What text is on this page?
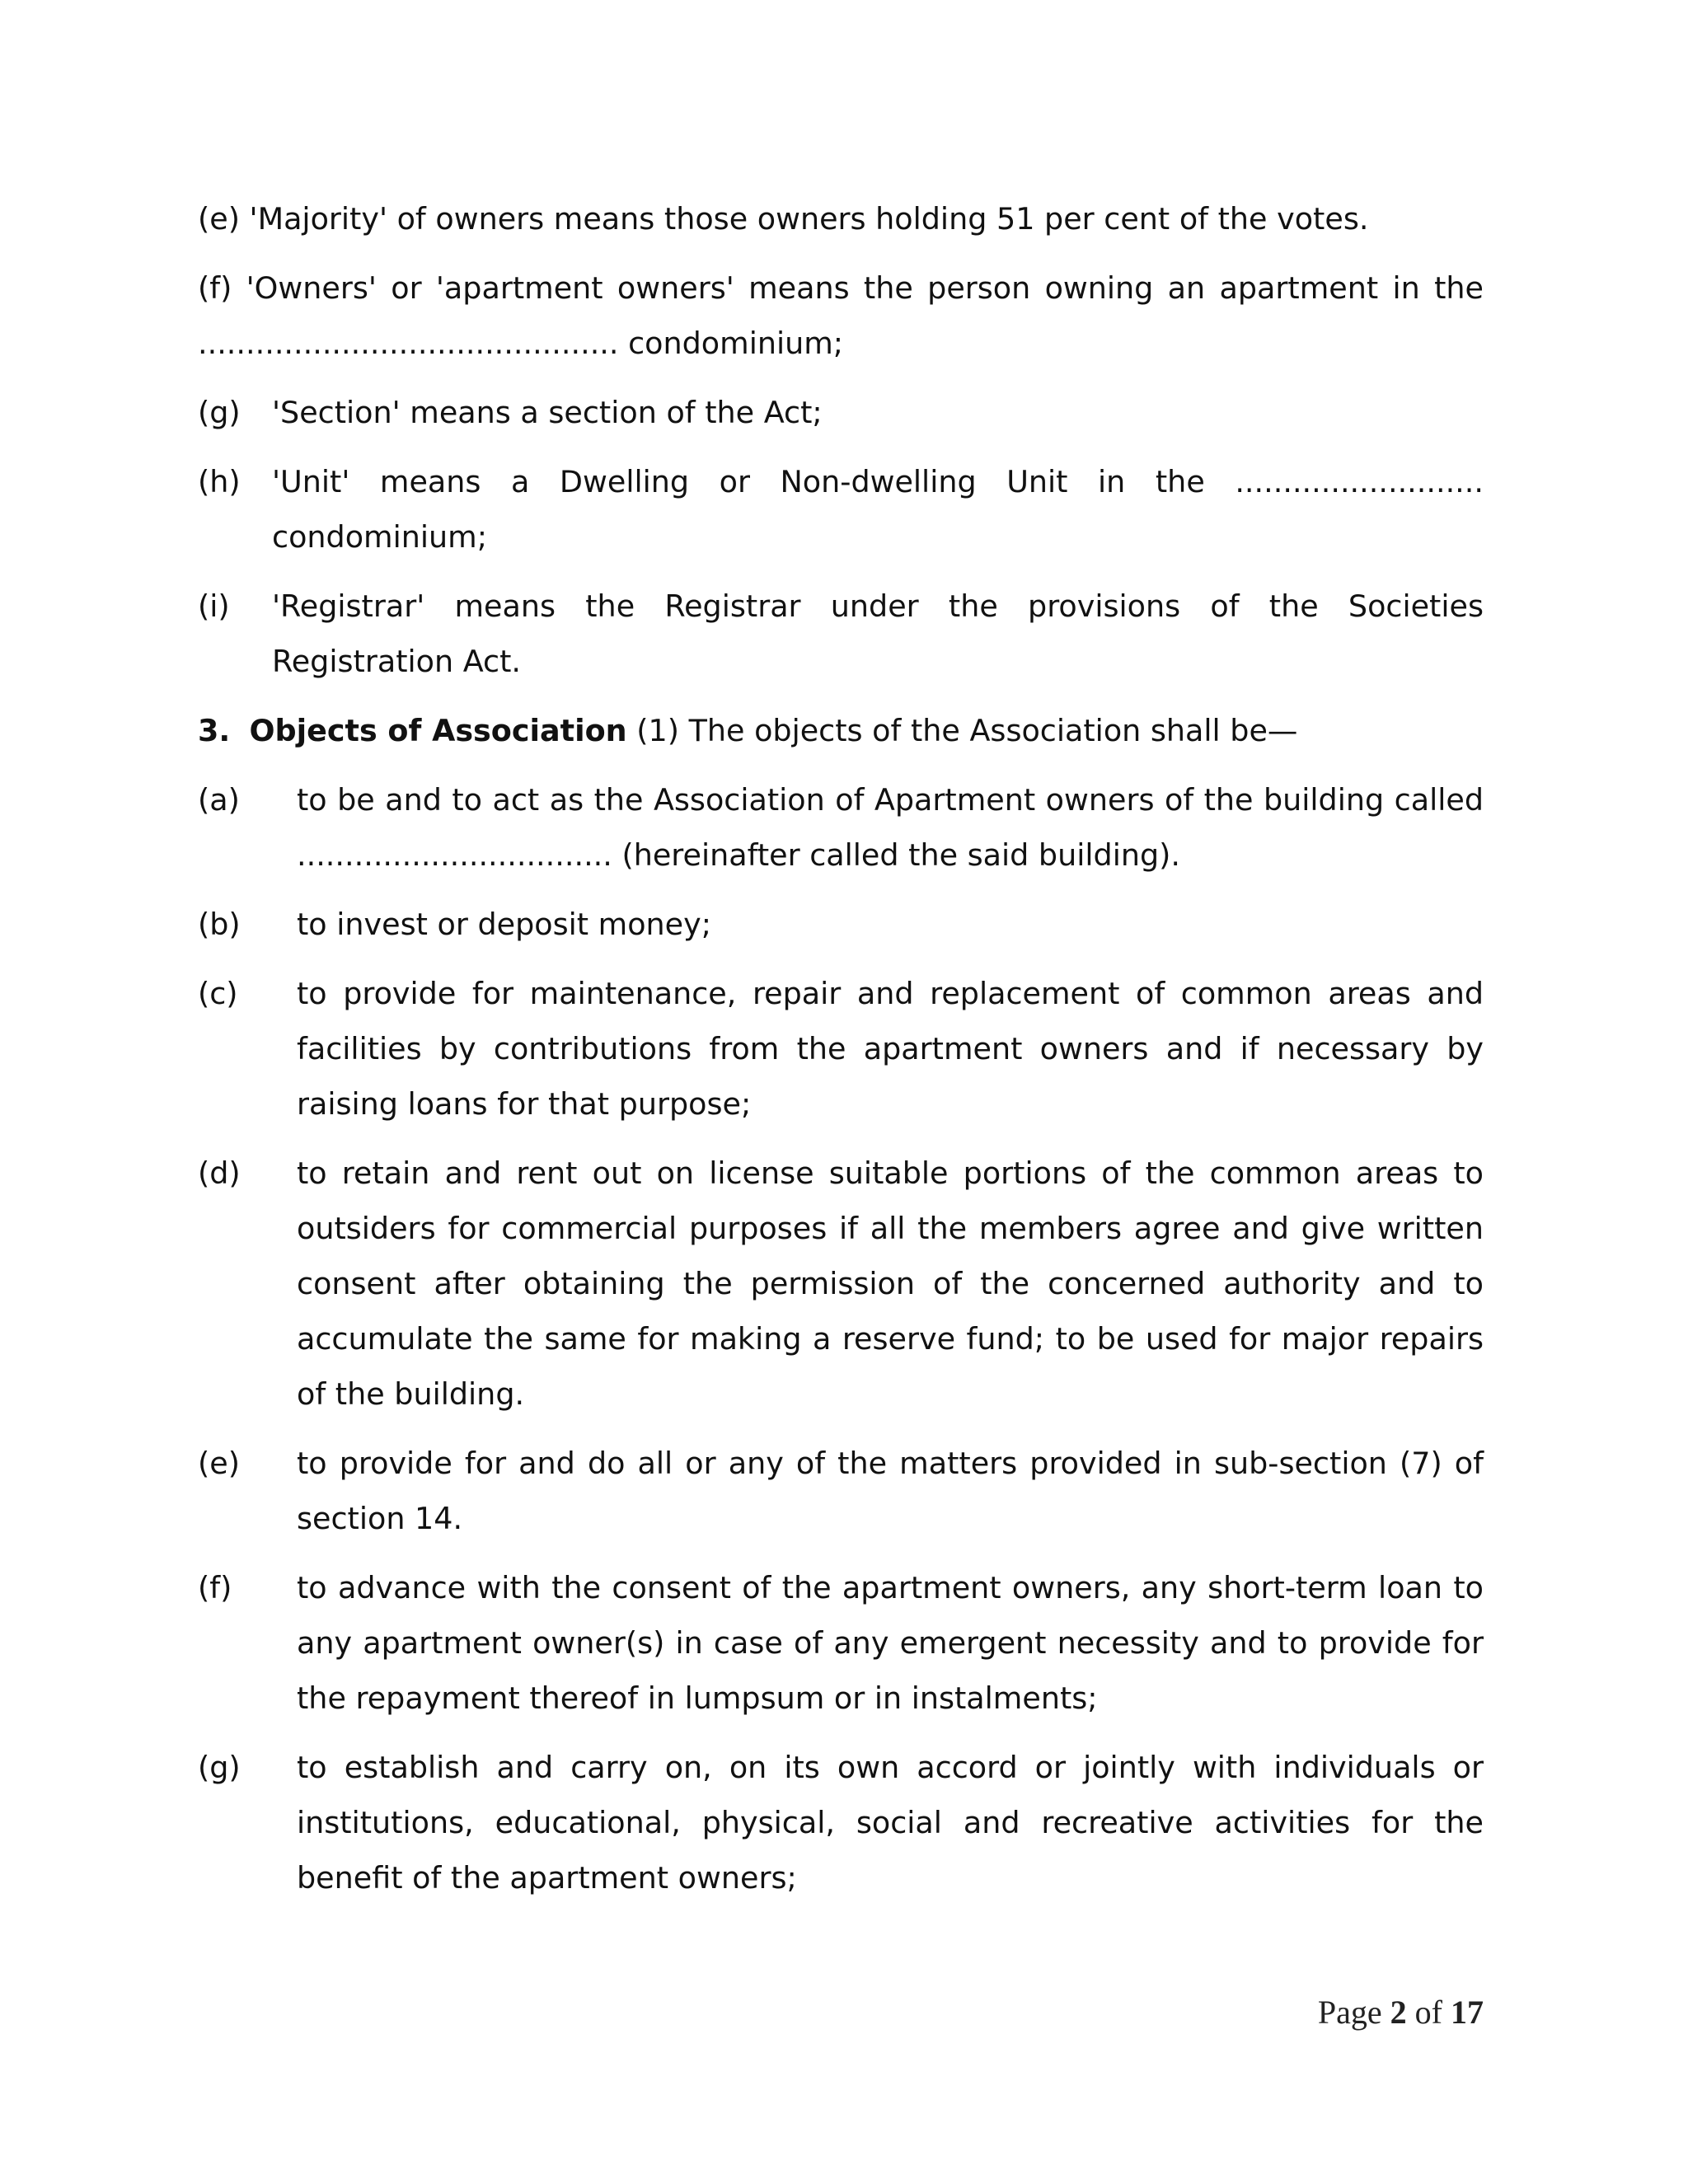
(e) 'Majority' of owners means those owners holding 51 per cent of the votes.

(f) 'Owners' or 'apartment owners' means the person owning an apartment in the ............................................ condominium;

(g)	'Section' means a section of the Act;
(h)	'Unit' means a Dwelling or Non-dwelling Unit in the .......................... condominium;
(i)	'Registrar' means the Registrar under the provisions of the Societies Registration Act.

3. Objects of Association (1) The objects of the Association shall be—

(a)	to be and to act as the Association of Apartment owners of the building called ................................. (hereinafter called the said building).
(b)	to invest or deposit money;
(c)	to provide for maintenance, repair and replacement of common areas and facilities by contributions from the apartment owners and if necessary by raising loans for that purpose;
(d)	to retain and rent out on license suitable portions of the common areas to outsiders for commercial purposes if all the members agree and give written consent after obtaining the permission of the concerned authority and to accumulate the same for making a reserve fund; to be used for major repairs of the building.
(e)	to provide for and do all or any of the matters provided in sub-section (7) of section 14.
(f)	to advance with the consent of the apartment owners, any short-term loan to any apartment owner(s) in case of any emergent necessity and to provide for the repayment thereof in lumpsum or in instalments;
(g)	to establish and carry on, on its own accord or jointly with individuals or institutions, educational, physical, social and recreative activities for the benefit of the apartment owners;
Page 2 of 17
